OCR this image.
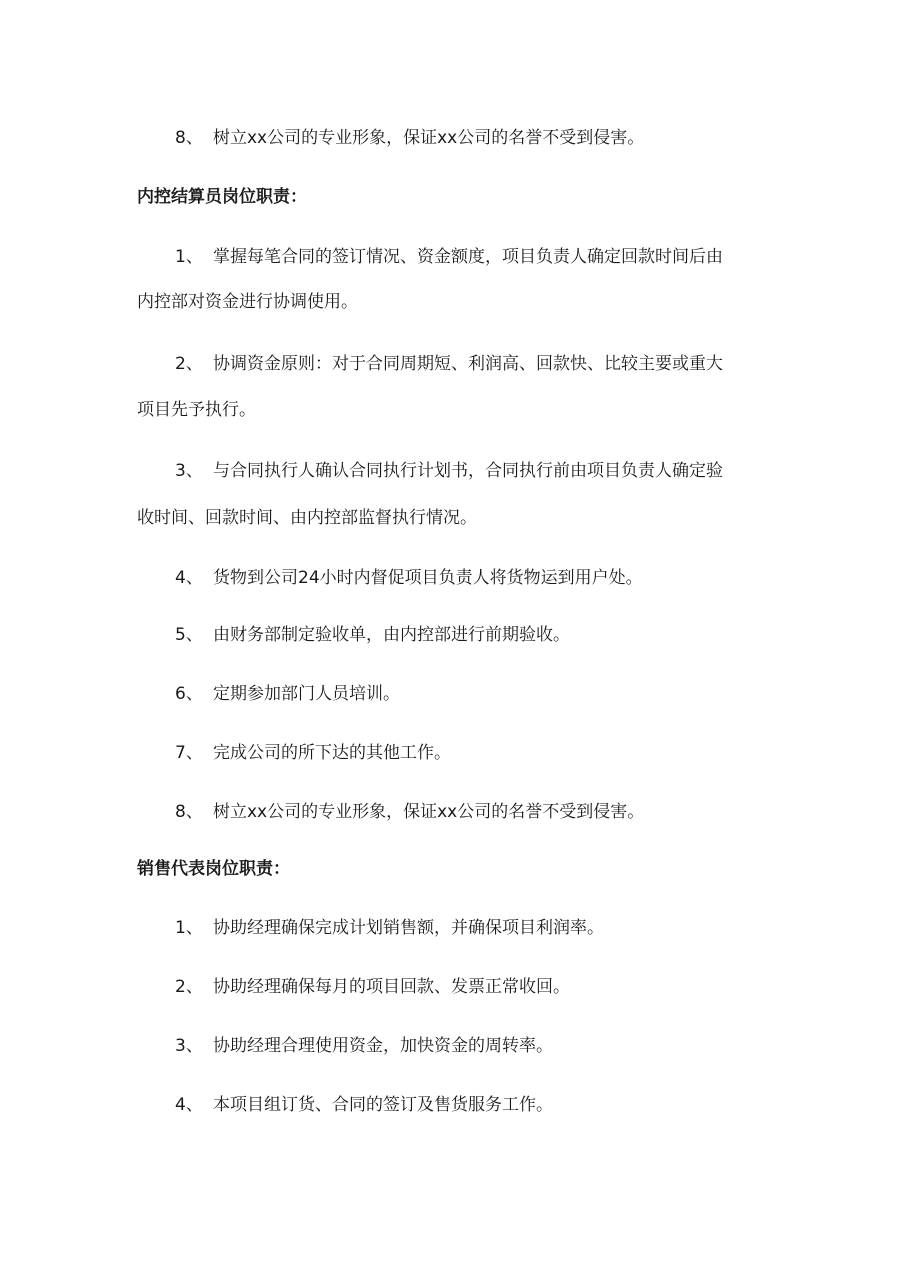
8、 树立xx公司的专业形象，保证xx公司的名誉不受到侵害。
内控结算员岗位职责：
1、 掌握每笔合同的签订情况、资金额度，项目负责人确定回款时间后由
内控部对资金进行协调使用。
2、 协调资金原则：对于合同周期短、利润高、回款快、比较主要或重大
项目先予执行。
3、 与合同执行人确认合同执行计划书，合同执行前由项目负责人确定验
收时间、回款时间、由内控部监督执行情况。
4、 货物到公司24小时内督促项目负责人将货物运到用户处。
5、 由财务部制定验收单，由内控部进行前期验收。
6、 定期参加部门人员培训。
7、 完成公司的所下达的其他工作。
8、 树立xx公司的专业形象，保证xx公司的名誉不受到侵害。
销售代表岗位职责：
1、 协助经理确保完成计划销售额，并确保项目利润率。
2、 协助经理确保每月的项目回款、发票正常收回。
3、 协助经理合理使用资金，加快资金的周转率。
4、 本项目组订货、合同的签订及售货服务工作。
